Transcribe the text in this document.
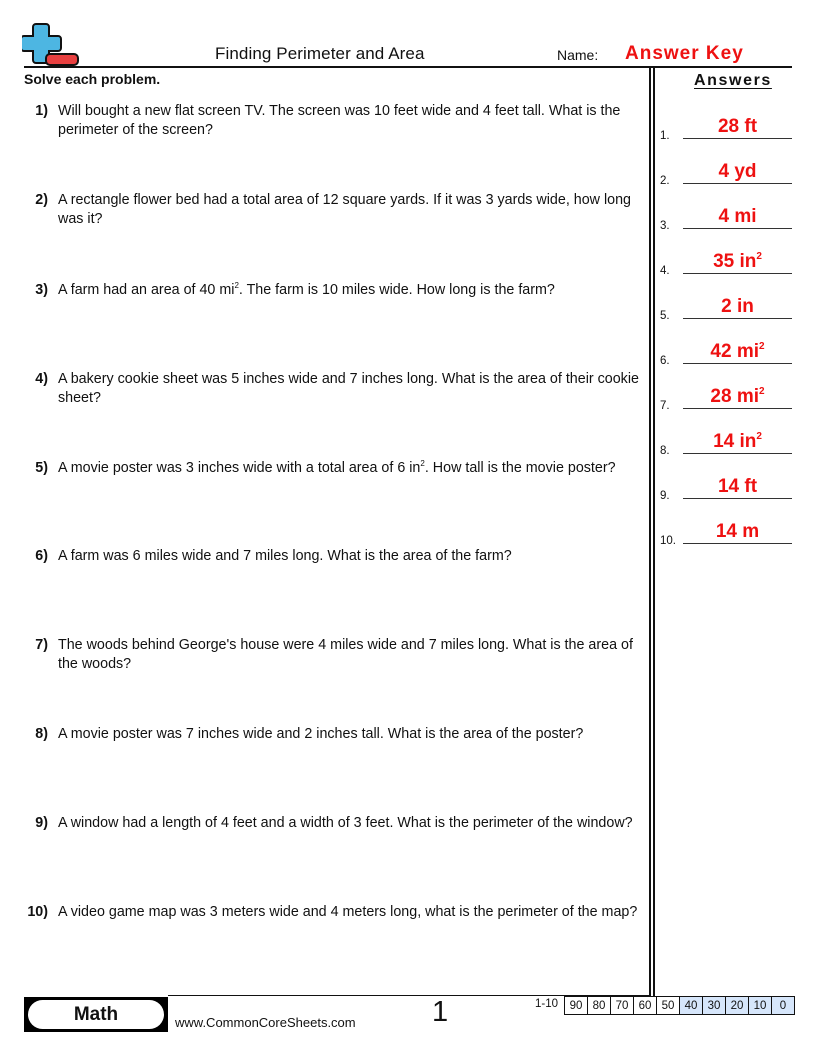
Finding Perimeter and Area	Name: Answer Key
Solve each problem.	Answers
1) Will bought a new flat screen TV. The screen was 10 feet wide and 4 feet tall. What is the perimeter of the screen?
2) A rectangle flower bed had a total area of 12 square yards. If it was 3 yards wide, how long was it?
3) A farm had an area of 40 $mi^2$. The farm is 10 miles wide. How long is the farm?
4) A bakery cookie sheet was 5 inches wide and 7 inches long. What is the area of their cookie sheet?
5) A movie poster was 3 inches wide with a total area of 6 $in^2$. How tall is the movie poster?
6) A farm was 6 miles wide and 7 miles long. What is the area of the farm?
7) The woods behind George's house were 4 miles wide and 7 miles long. What is the area of the woods?
8) A movie poster was 7 inches wide and 2 inches tall. What is the area of the poster?
9) A window had a length of 4 feet and a width of 3 feet. What is the perimeter of the window?
10) A video game map was 3 meters wide and 4 meters long, what is the perimeter of the map?
1.	28 ft
2.	4 yd
3.	4 mi
4.	35 $in^2$
5.	2 in
6.	42 $mi^2$
7.	28 $mi^2$
8.	14 $in^2$
9.	14 ft
10.	14 m
Math	www.CommonCoreSheets.com	1	1-10	90 80 70 60 50 40 30 20 10	0
